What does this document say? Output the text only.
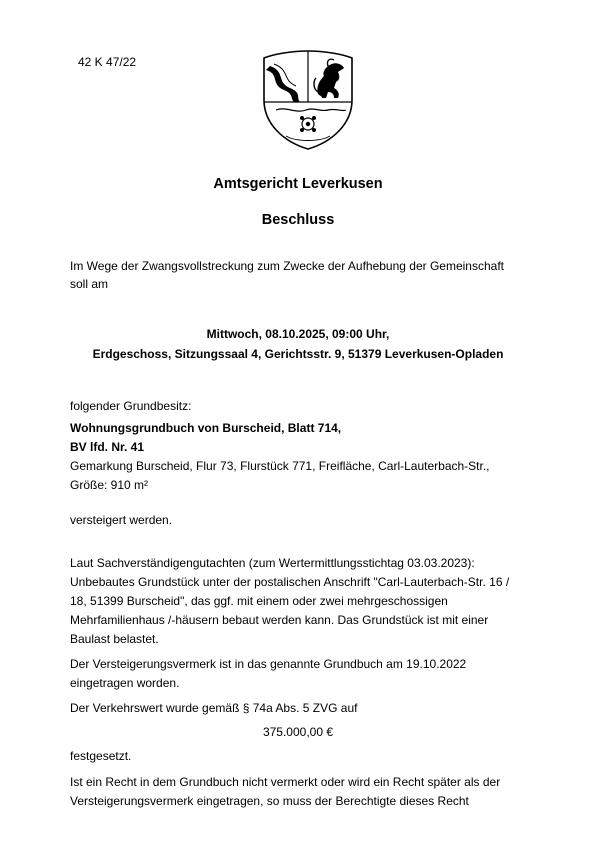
42 K 47/22
Amtsgericht Leverkusen
Beschluss
Im Wege der Zwangsvollstreckung zum Zwecke der Aufhebung der Gemeinschaft
soll am
Mittwoch, 08.10.2025, 09:00 Uhr,
Erdgeschoss, Sitzungssaal 4, Gerichtsstr. 9, 51379 Leverkusen-Opladen
folgender Grundbesitz:
Wohnungsgrundbuch von Burscheid, Blatt 714,
BV lfd. Nr. 41
Gemarkung Burscheid, Flur 73, Flurstück 771, Freifläche, Carl-Lauterbach-Str.,
Größe: 910 m²
versteigert werden.
Laut Sachverständigengutachten (zum Wertermittlungsstichtag 03.03.2023):
Unbebautes Grundstück unter der postalischen Anschrift "Carl-Lauterbach-Str. 16 /
18, 51399 Burscheid", das ggf. mit einem oder zwei mehrgeschossigen
Mehrfamilienhaus /-häusern bebaut werden kann. Das Grundstück ist mit einer
Baulast belastet.
Der Versteigerungsvermerk ist in das genannte Grundbuch am 19.10.2022
eingetragen worden.
Der Verkehrswert wurde gemäß § 74a Abs. 5 ZVG auf
375.000,00 €
festgesetzt.
Ist ein Recht in dem Grundbuch nicht vermerkt oder wird ein Recht später als der
Versteigerungsvermerk eingetragen, so muss der Berechtigte dieses Recht
